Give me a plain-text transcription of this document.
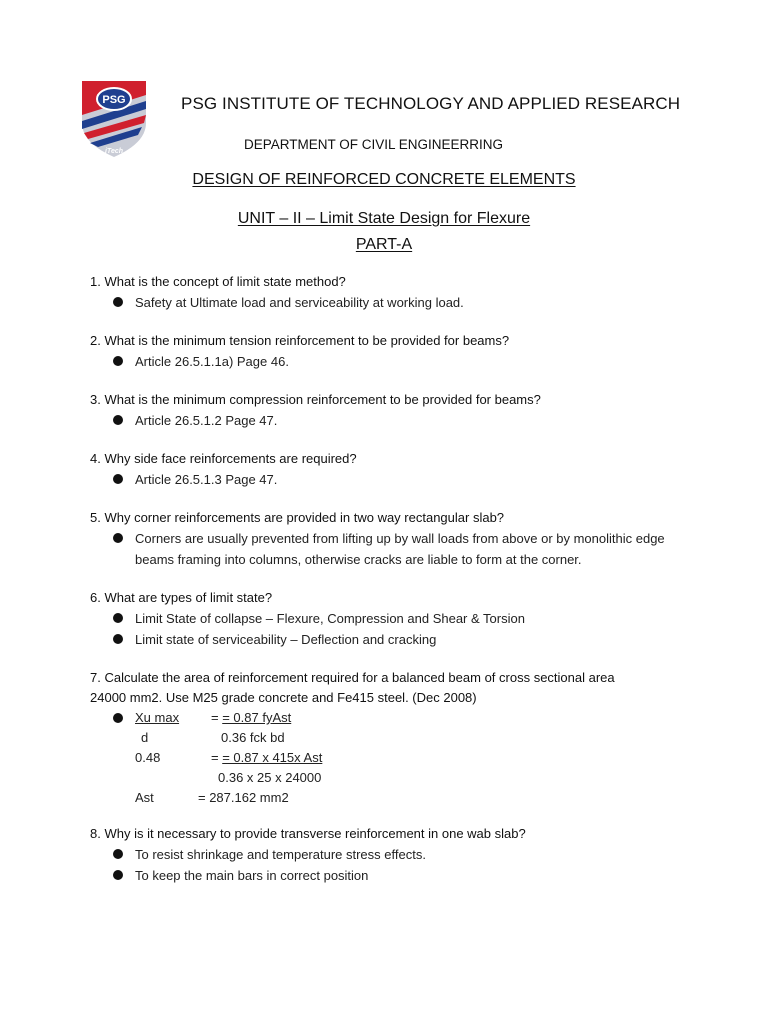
PSG
iTech
PSG INSTITUTE OF TECHNOLOGY AND APPLIED RESEARCH
DEPARTMENT OF CIVIL ENGINEERRING
DESIGN OF REINFORCED CONCRETE ELEMENTS
UNIT – II – Limit State Design for Flexure
PART-A

1. What is the concept of limit state method?

Safety at Ultimate load and serviceability at working load.

2. What is the minimum tension reinforcement to be provided for beams?

Article 26.5.1.1a) Page 46.

3. What is the minimum compression reinforcement to be provided for beams?

Article 26.5.1.2 Page 47.

4. Why side face reinforcements are required?

Article 26.5.1.3 Page 47.

5. Why corner reinforcements are provided in two way rectangular slab?

Corners are usually prevented from lifting up by wall loads from above or by monolithic edge beams framing into columns, otherwise cracks are liable to form at the corner.

6. What are types of limit state?

Limit State of collapse – Flexure, Compression and Shear & Torsion
Limit state of serviceability – Deflection and cracking

7. Calculate the area of reinforcement required for a balanced beam of cross sectional area

24000 mm2. Use M25 grade concrete and Fe415 steel. (Dec 2008)

Xu max = = 0.87 fyAst
d	0.36 fck bd
0.48	= = 0.87 x 415x Ast
0.36 x 25 x 24000
Ast	= 287.162 mm2

8. Why is it necessary to provide transverse reinforcement in one wab slab?

To resist shrinkage and temperature stress effects.
To keep the main bars in correct position
